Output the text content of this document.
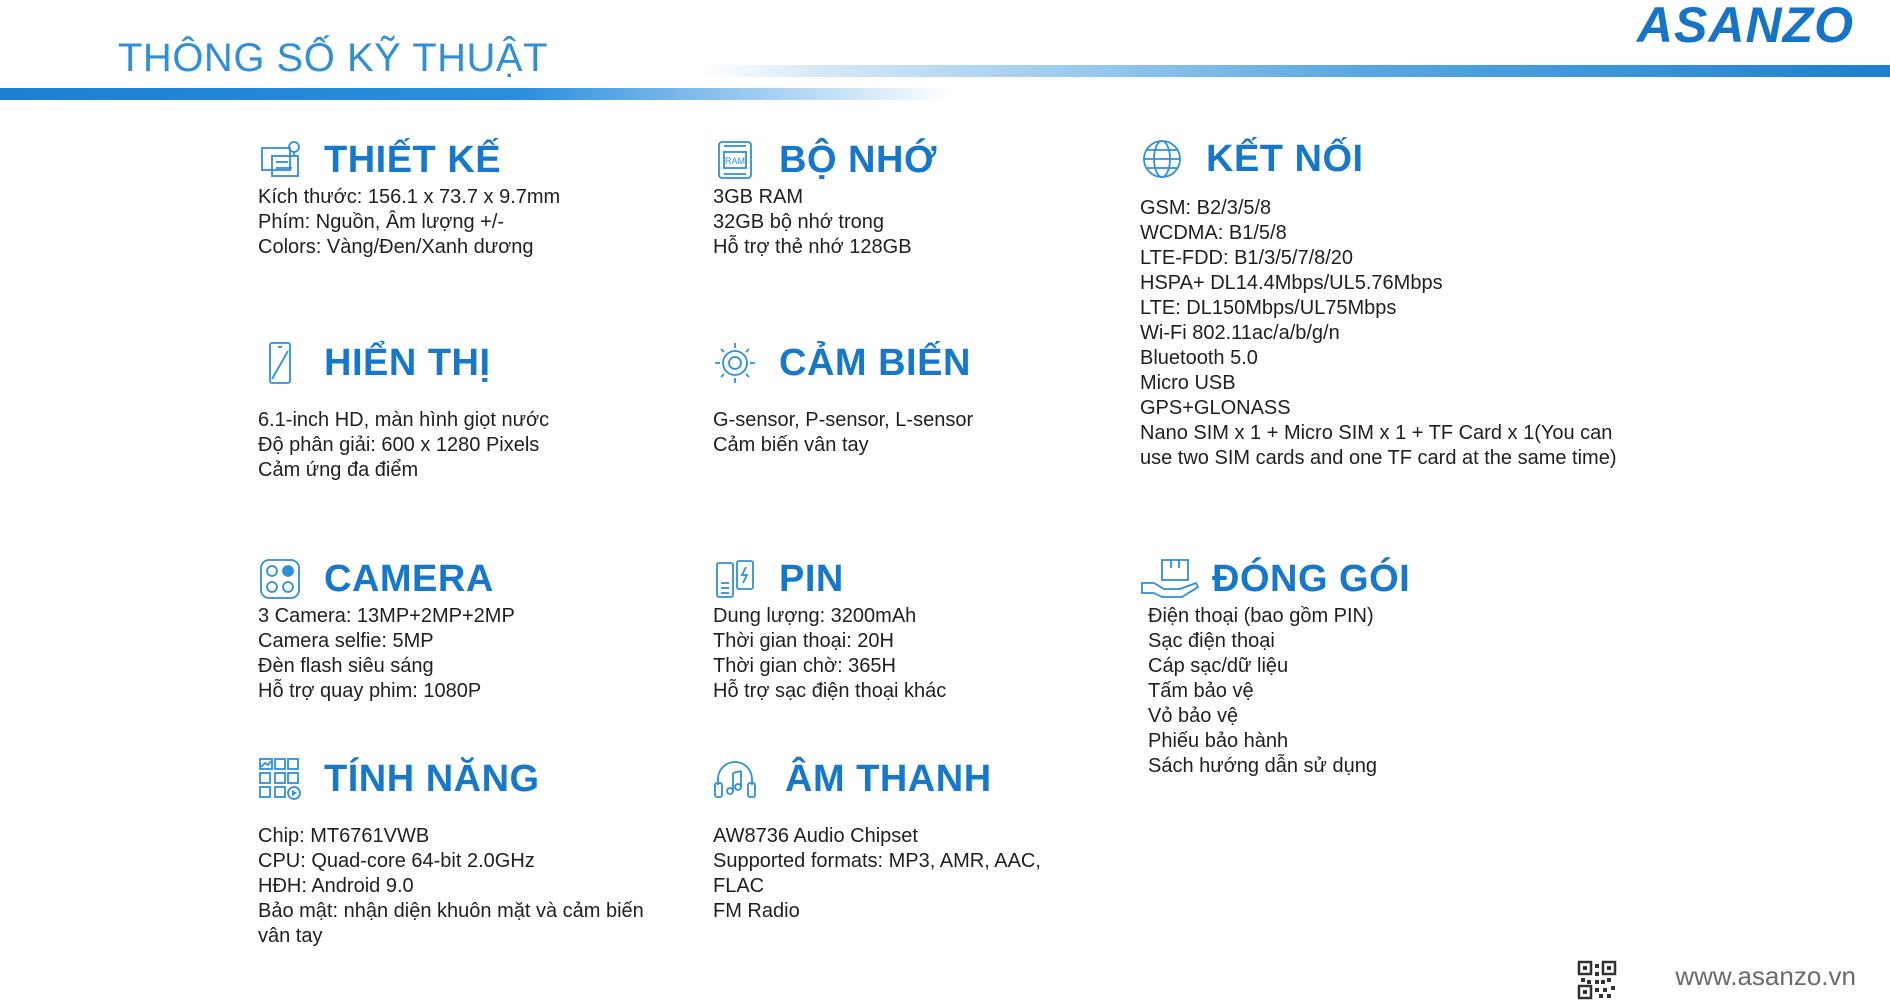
THÔNG SỐ KỸ THUẬT
ASANZO
THIẾT KẾ
Kích thước: 156.1 x 73.7 x 9.7mm
Phím: Nguồn, Âm lượng +/-
Colors: Vàng/Đen/Xanh dương
RAM BỘ NHỚ
3GB RAM
32GB bộ nhớ trong
Hỗ trợ thẻ nhớ 128GB
KẾT NỐI
GSM: B2/3/5/8
WCDMA: B1/5/8
LTE-FDD: B1/3/5/7/8/20
HSPA+ DL14.4Mbps/UL5.76Mbps
LTE: DL150Mbps/UL75Mbps
Wi-Fi 802.11ac/a/b/g/n
Bluetooth 5.0
Micro USB
GPS+GLONASS
Nano SIM x 1 + Micro SIM x 1 + TF Card x 1(You can use two SIM cards and one TF card at the same time)
HIỂN THỊ
6.1-inch HD, màn hình giọt nước
Độ phân giải: 600 x 1280 Pixels
Cảm ứng đa điểm
CẢM BIẾN
G-sensor, P-sensor, L-sensor
Cảm biến vân tay
CAMERA
3 Camera: 13MP+2MP+2MP
Camera selfie: 5MP
Đèn flash siêu sáng
Hỗ trợ quay phim: 1080P
PIN
Dung lượng: 3200mAh
Thời gian thoại: 20H
Thời gian chờ: 365H
Hỗ trợ sạc điện thoại khác
ĐÓNG GÓI
Điện thoại (bao gồm PIN)
Sạc điện thoại
Cáp sạc/dữ liệu
Tấm bảo vệ
Vỏ bảo vệ
Phiếu bảo hành
Sách hướng dẫn sử dụng
TÍNH NĂNG
Chip: MT6761VWB
CPU: Quad-core 64-bit 2.0GHz
HĐH: Android 9.0
Bảo mật: nhận diện khuôn mặt và cảm biến vân tay
ÂM THANH
AW8736 Audio Chipset
Supported formats: MP3, AMR, AAC, FLAC
FM Radio
www.asanzo.vn
